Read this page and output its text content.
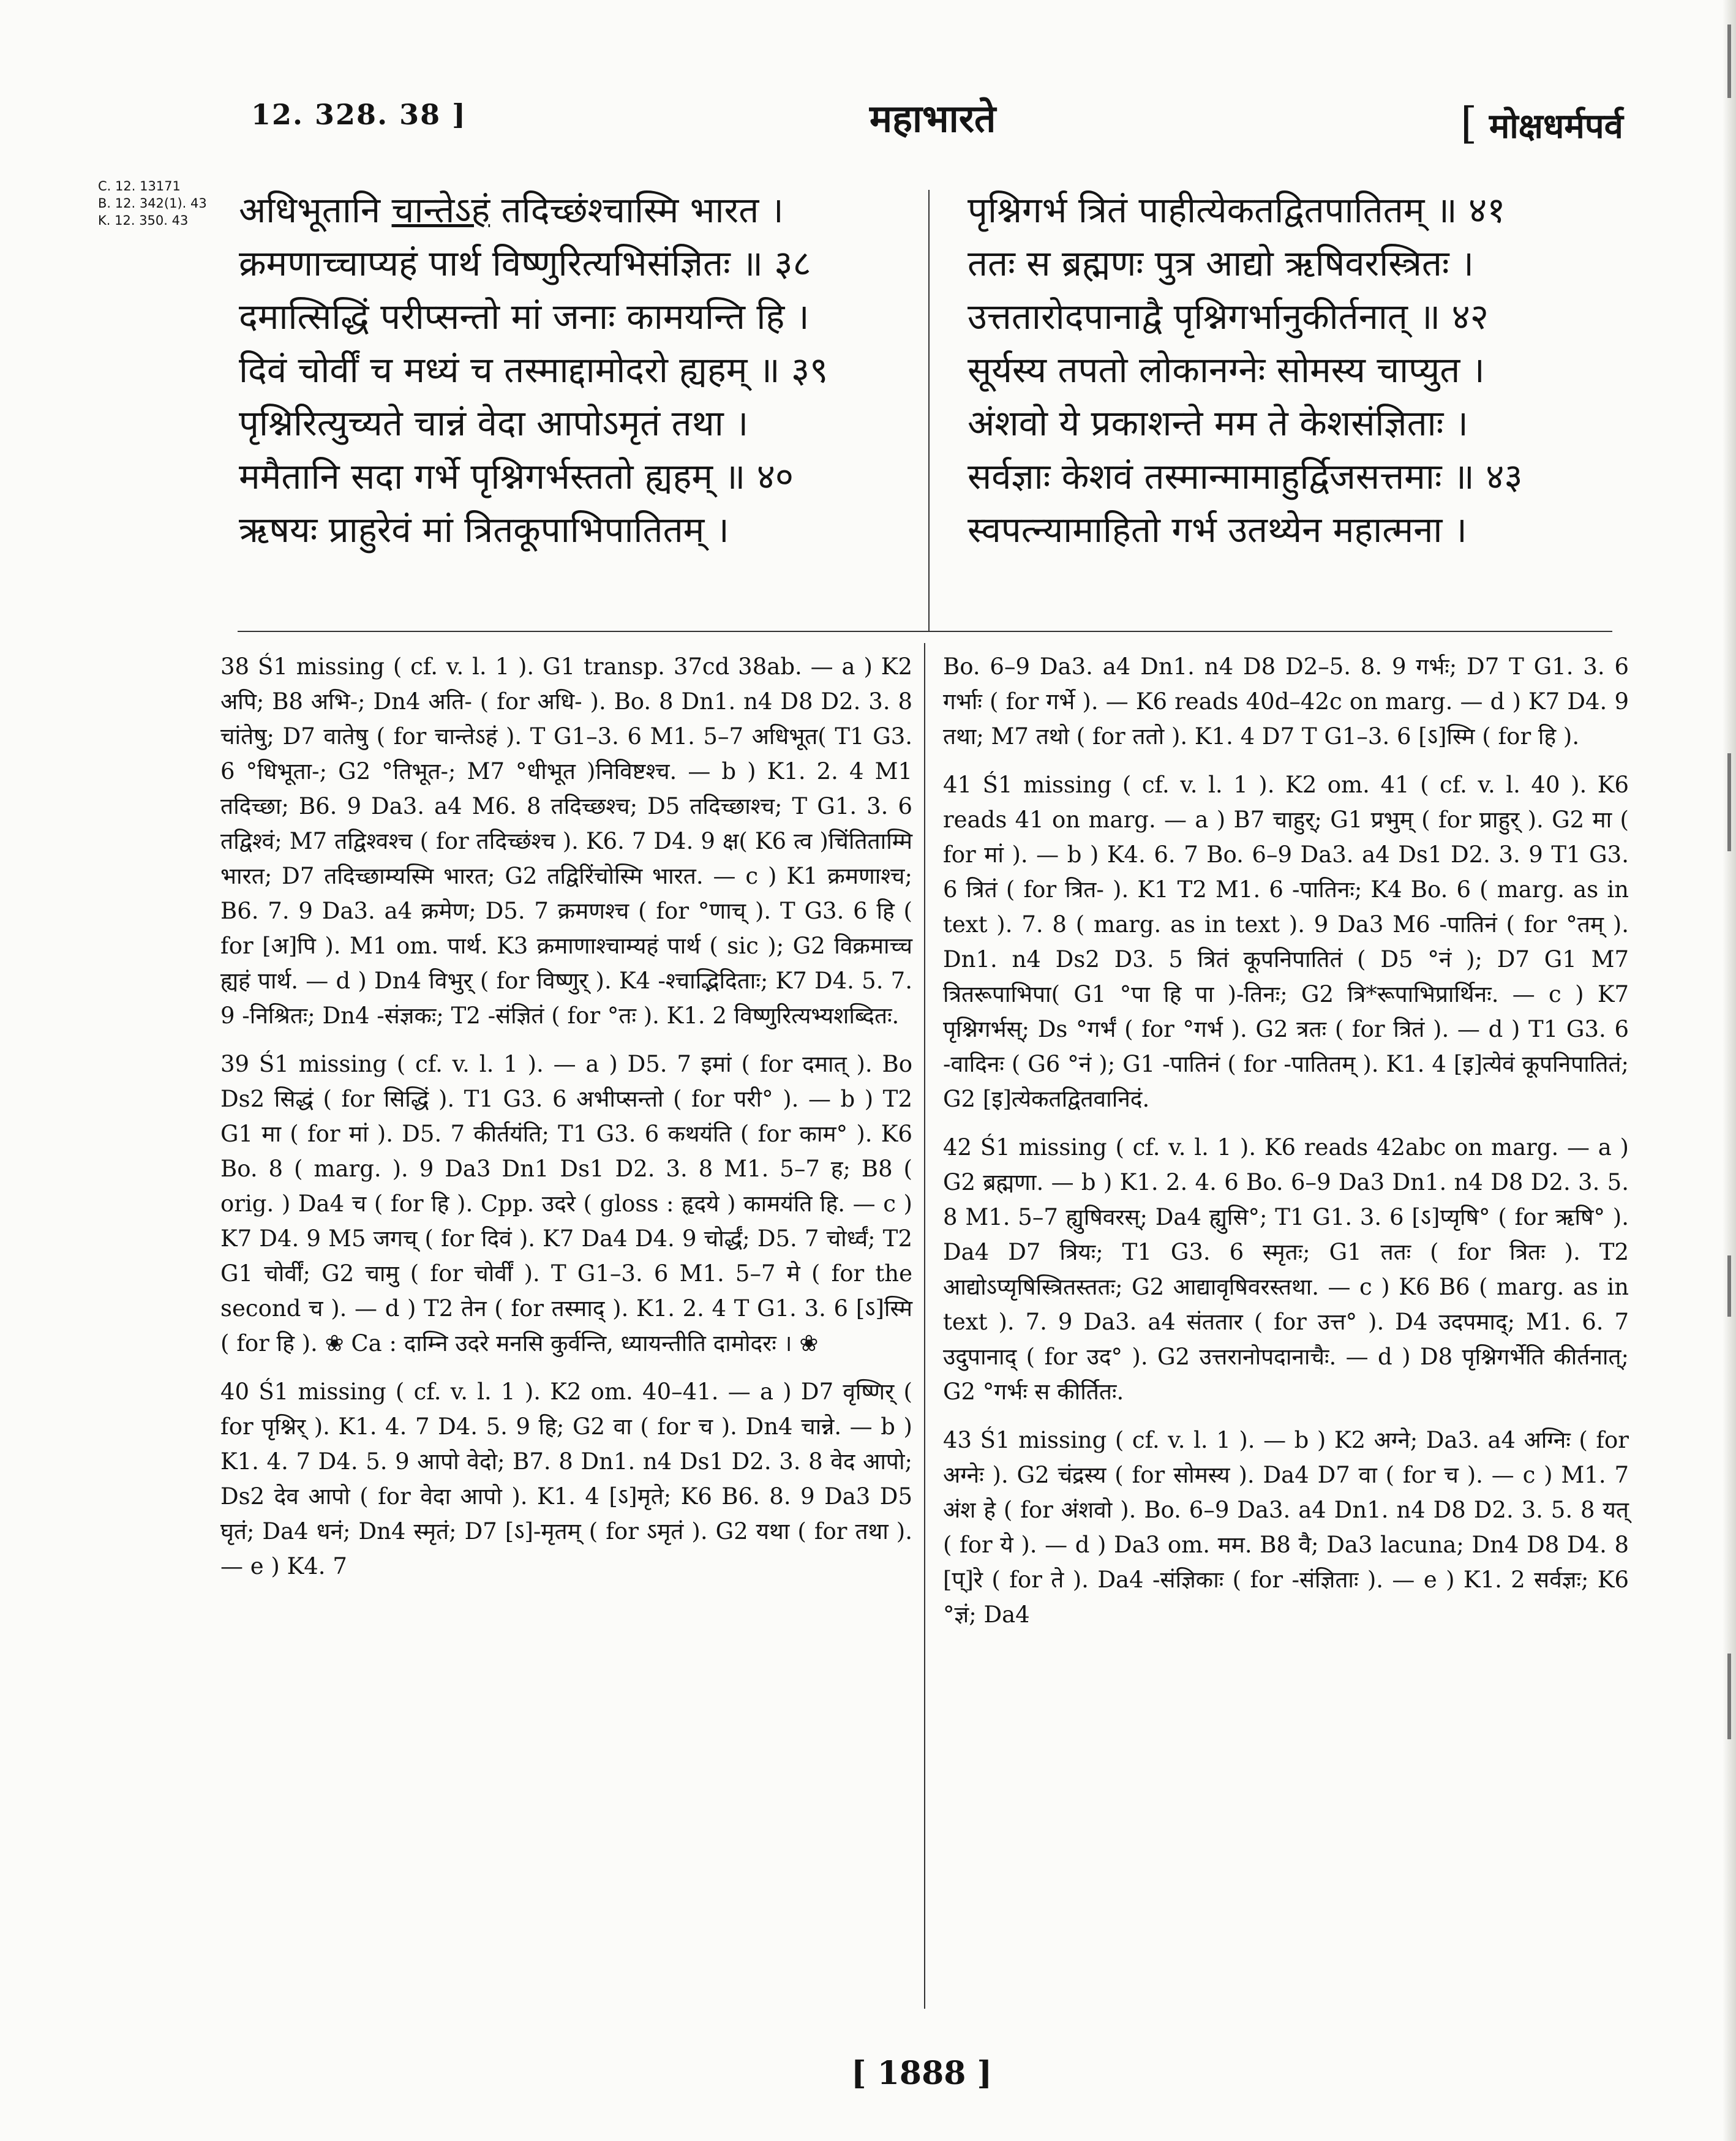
12. 328. 38 ]	महाभारते	[ मोक्षधर्मपर्व
C. 12. 13171
B. 12. 342(1). 43
K. 12. 350. 43	अधिभूतानि चान्तेऽहं तदिच्छंश्चास्मि भारत ।
क्रमणाच्चाप्यहं पार्थ विष्णुरित्यभिसंज्ञितः ॥ ३८
दमात्सिद्धिं परीप्सन्तो मां जनाः कामयन्ति हि ।
दिवं चोर्वीं च मध्यं च तस्माद्दामोदरो ह्यहम् ॥ ३९
पृश्निरित्युच्यते चान्नं वेदा आपोऽमृतं तथा ।
ममैतानि सदा गर्भे पृश्निगर्भस्ततो ह्यहम् ॥ ४०
ऋषयः प्राहुरेवं मां त्रितकूपाभिपातितम् ।
पृश्निगर्भ त्रितं पाहीत्येकतद्वितपातितम् ॥ ४१
ततः स ब्रह्मणः पुत्र आद्यो ऋषिवरस्त्रितः ।
उत्ततारोदपानाद्वै पृश्निगर्भानुकीर्तनात् ॥ ४२
सूर्यस्य तपतो लोकानग्नेः सोमस्य चाप्युत ।
अंशवो ये प्रकाशन्ते मम ते केशसंज्ञिताः ।
सर्वज्ञाः केशवं तस्मान्मामाहुर्द्विजसत्तमाः ॥ ४३
स्वपत्न्यामाहितो गर्भ उतथ्येन महात्मना ।

38 Ś1 missing ( cf. v. l. 1 ). G1 transp. 37cd 38ab. — a ) K2 अपि; B8 अभि-; Dn4 अति- ( for अधि- ). Bo. 8 Dn1. n4 D8 D2. 3. 8 चांतेषु; D7 वातेषु ( for चान्तेऽहं ). T G1–3. 6 M1. 5–7 अधिभूत( T1 G3. 6 °धिभूता-; G2 °तिभूत-; M7 °धीभूत )निविष्टश्च. — b ) K1. 2. 4 M1 तदिच्छा; B6. 9 Da3. a4 M6. 8 तदिच्छश्च; D5 तदिच्छाश्च; T G1. 3. 6 तद्विश्वं; M7 तद्विश्वश्च ( for तदिच्छंश्च ). K6. 7 D4. 9 क्ष( K6 त्व )चिंतिताम्मि भारत; D7 तदिच्छाम्यस्मि भारत; G2 तद्विरिंचोस्मि भारत. — c ) K1 क्रमणाश्च; B6. 7. 9 Da3. a4 क्रमेण; D5. 7 क्रमणश्च ( for °णाच् ). T G3. 6 हि ( for [अ]पि ). M1 om. पार्थ. K3 क्रमाणाश्चाम्यहं पार्थ ( sic ); G2 विक्रमाच्च ह्यहं पार्थ. — d ) Dn4 विभुर् ( for विष्णुर् ). K4 -श्चाद्भिदिताः; K7 D4. 5. 7. 9 -निश्रितः; Dn4 -संज्ञकः; T2 -संज्ञितं ( for °तः ). K1. 2 विष्णुरित्यभ्यशब्दितः.

39 Ś1 missing ( cf. v. l. 1 ). — a ) D5. 7 इमां ( for दमात् ). Bo Ds2 सिद्धं ( for सिद्धिं ). T1 G3. 6 अभीप्सन्तो ( for परी° ). — b ) T2 G1 मा ( for मां ). D5. 7 कीर्तयंति; T1 G3. 6 कथयंति ( for काम° ). K6 Bo. 8 ( marg. ). 9 Da3 Dn1 Ds1 D2. 3. 8 M1. 5–7 ह; B8 ( orig. ) Da4 च ( for हि ). Cpp. उदरे ( gloss : हृदये ) कामयंति हि. — c ) K7 D4. 9 M5 जगच् ( for दिवं ). K7 Da4 D4. 9 चोर्द्धं; D5. 7 चोर्ध्वं; T2 G1 चोर्वीं; G2 चामु ( for चोर्वीं ). T G1–3. 6 M1. 5–7 मे ( for the second च ). — d ) T2 तेन ( for तस्माद् ). K1. 2. 4 T G1. 3. 6 [ऽ]स्मि ( for हि ). ❀ Ca : दाम्नि उदरे मनसि कुर्वन्ति, ध्यायन्तीति दामोदरः । ❀

40 Ś1 missing ( cf. v. l. 1 ). K2 om. 40–41. — a ) D7 वृष्णिर् ( for पृश्निर् ). K1. 4. 7 D4. 5. 9 हि; G2 वा ( for च ). Dn4 चान्ने. — b ) K1. 4. 7 D4. 5. 9 आपो वेदो; B7. 8 Dn1. n4 Ds1 D2. 3. 8 वेद आपो; Ds2 देव आपो ( for वेदा आपो ). K1. 4 [ऽ]मृते; K6 B6. 8. 9 Da3 D5 घृतं; Da4 धनं; Dn4 स्मृतं; D7 [ऽ]-मृतम् ( for ऽमृतं ). G2 यथा ( for तथा ). — e ) K4. 7

Bo. 6–9 Da3. a4 Dn1. n4 D8 D2–5. 8. 9 गर्भः; D7 T G1. 3. 6 गर्भाः ( for गर्भे ). — K6 reads 40d–42c on marg. — d ) K7 D4. 9 तथा; M7 तथो ( for ततो ). K1. 4 D7 T G1–3. 6 [ऽ]स्मि ( for हि ).

41 Ś1 missing ( cf. v. l. 1 ). K2 om. 41 ( cf. v. l. 40 ). K6 reads 41 on marg. — a ) B7 चाहुर्; G1 प्रभुम् ( for प्राहुर् ). G2 मा ( for मां ). — b ) K4. 6. 7 Bo. 6–9 Da3. a4 Ds1 D2. 3. 9 T1 G3. 6 त्रितं ( for त्रित- ). K1 T2 M1. 6 -पातिनः; K4 Bo. 6 ( marg. as in text ). 7. 8 ( marg. as in text ). 9 Da3 M6 -पातिनं ( for °तम् ). Dn1. n4 Ds2 D3. 5 त्रितं कूपनिपातितं ( D5 °नं ); D7 G1 M7 त्रितरूपाभिपा( G1 °पा हि पा )-तिनः; G2 त्रि*रूपाभिप्रार्थिनः. — c ) K7 पृश्निगर्भस्; Ds °गर्भं ( for °गर्भ ). G2 त्रतः ( for त्रितं ). — d ) T1 G3. 6 -वादिनः ( G6 °नं ); G1 -पातिनं ( for -पातितम् ). K1. 4 [इ]त्येवं कूपनिपातितं; G2 [इ]त्येकतद्वितवानिदं.

42 Ś1 missing ( cf. v. l. 1 ). K6 reads 42abc on marg. — a ) G2 ब्रह्मणा. — b ) K1. 2. 4. 6 Bo. 6–9 Da3 Dn1. n4 D8 D2. 3. 5. 8 M1. 5–7 ह्युषिवरस्; Da4 ह्युसि°; T1 G1. 3. 6 [ऽ]प्यृषि° ( for ऋषि° ). Da4 D7 त्रियः; T1 G3. 6 स्मृतः; G1 ततः ( for त्रितः ). T2 आद्योऽप्यृषिस्त्रितस्ततः; G2 आद्यावृषिवरस्तथा. — c ) K6 B6 ( marg. as in text ). 7. 9 Da3. a4 संततार ( for उत्त° ). D4 उदपमाद्; M1. 6. 7 उदुपानाद् ( for उद° ). G2 उत्तरानोपदानाचैः. — d ) D8 पृश्निगर्भेति कीर्तनात्; G2 °गर्भः स कीर्तितः.

43 Ś1 missing ( cf. v. l. 1 ). — b ) K2 अग्ने; Da3. a4 अग्निः ( for अग्नेः ). G2 चंद्रस्य ( for सोमस्य ). Da4 D7 वा ( for च ). — c ) M1. 7 अंश हे ( for अंशवो ). Bo. 6–9 Da3. a4 Dn1. n4 D8 D2. 3. 5. 8 यत् ( for ये ). — d ) Da3 om. मम. B8 वै; Da3 lacuna; Dn4 D8 D4. 8 [प्]रे ( for ते ). Da4 -संज्ञिकाः ( for -संज्ञिताः ). — e ) K1. 2 सर्वज्ञः; K6 °ज्ञं; Da4

[ 1888 ]
